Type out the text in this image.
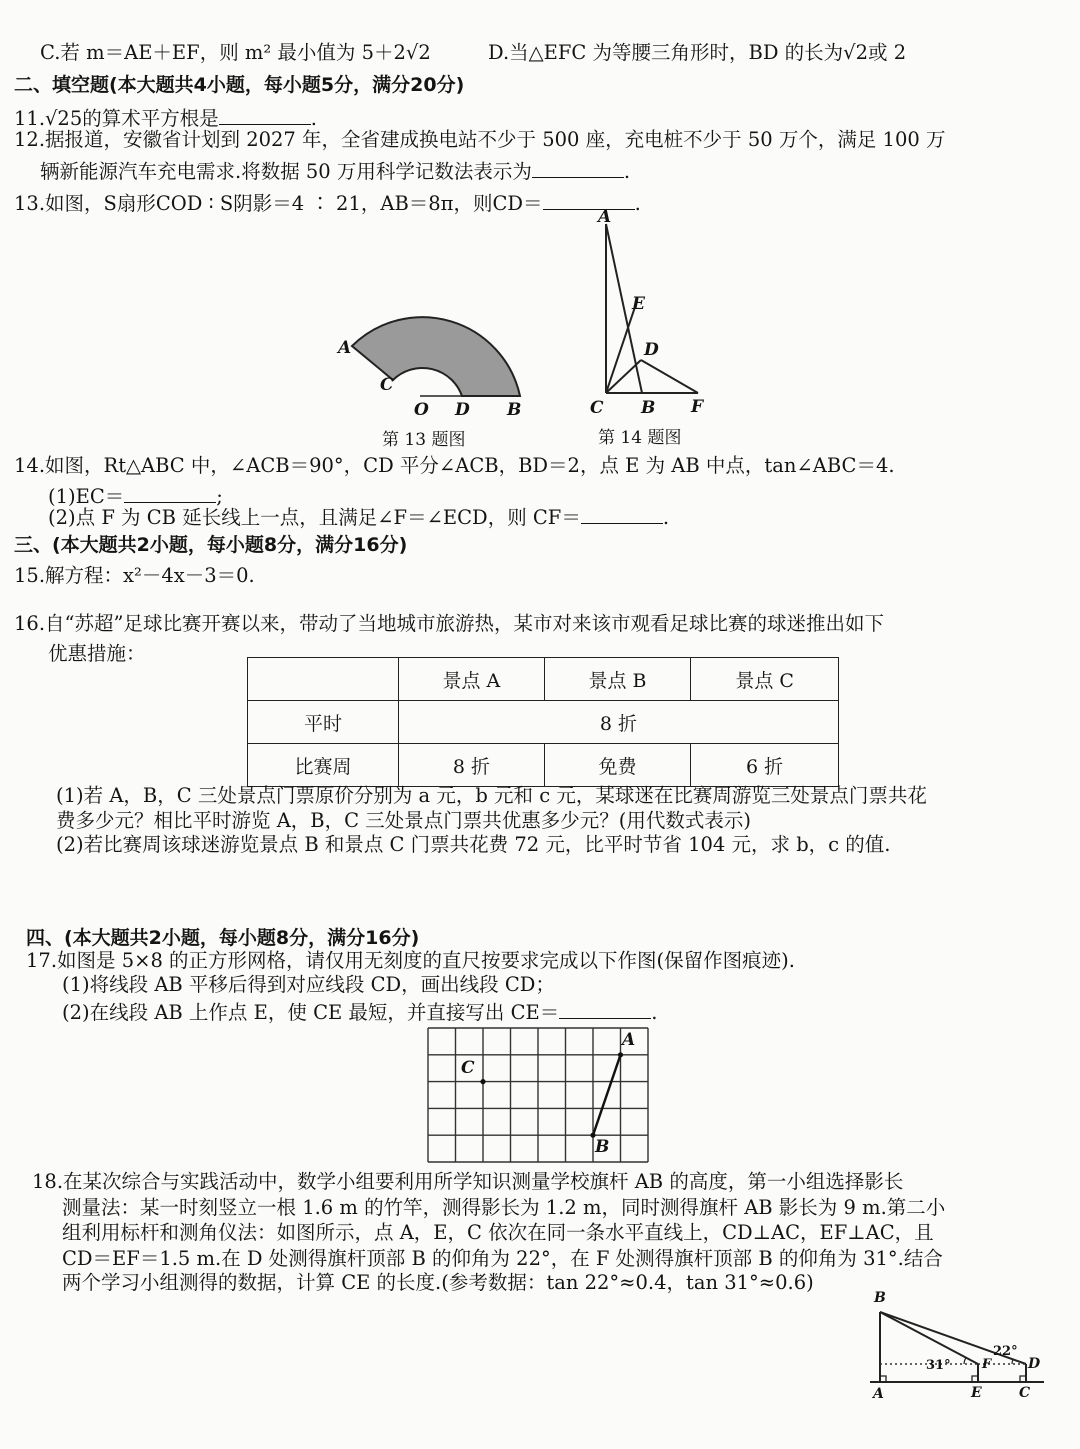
C.若 m＝AE＋EF，则 m² 最小值为 5＋2√2	D.当△EFC 为等腰三角形时，BD 的长为√2或 2
二、填空题(本大题共4小题，每小题5分，满分20分)
11.√25的算术平方根是	.
12.据报道，安徽省计划到 2027 年，全省建成换电站不少于 500 座，充电桩不少于 50 万个，满足 100 万
辆新能源汽车充电需求.将数据 50 万用科学记数法表示为	.
13.如图，S扇形COD ∶ S阴影＝4 ∶ 21，AB＝8π，则CD＝	.
A
C
O D B
第 13 题图
A
E
D
C B F
第 14 题图
14.如图，Rt△ABC 中，∠ACB＝90°，CD 平分∠ACB，BD＝2，点 E 为 AB 中点，tan∠ABC＝4.
(1)EC＝	;
(2)点 F 为 CB 延长线上一点，且满足∠F＝∠ECD，则 CF＝	.
三、(本大题共2小题，每小题8分，满分16分)
15.解方程：x²－4x－3＝0.
16.自“苏超”足球比赛开赛以来，带动了当地城市旅游热，某市对来该市观看足球比赛的球迷推出如下
优惠措施：
	景点 A	景点 B	景点 C
平时	8 折		
比赛周	8 折	免费	6 折
(1)若 A，B，C 三处景点门票原价分别为 a 元，b 元和 c 元，某球迷在比赛周游览三处景点门票共花
费多少元？相比平时游览 A，B，C 三处景点门票共优惠多少元？(用代数式表示)
(2)若比赛周该球迷游览景点 B 和景点 C 门票共花费 72 元，比平时节省 104 元，求 b，c 的值.
四、(本大题共2小题，每小题8分，满分16分)
17.如图是 5×8 的正方形网格，请仅用无刻度的直尺按要求完成以下作图(保留作图痕迹).
(1)将线段 AB 平移后得到对应线段 CD，画出线段 CD；
(2)在线段 AB 上作点 E，使 CE 最短，并直接写出 CE＝	.
A
B
C
18.在某次综合与实践活动中，数学小组要利用所学知识测量学校旗杆 AB 的高度，第一小组选择影长
测量法：某一时刻竖立一根 1.6 m 的竹竿，测得影长为 1.2 m，同时测得旗杆 AB 影长为 9 m.第二小
组利用标杆和测角仪法：如图所示，点 A，E，C 依次在同一条水平直线上，CD⊥AC，EF⊥AC，且
CD＝EF＝1.5 m.在 D 处测得旗杆顶部 B 的仰角为 22°，在 F 处测得旗杆顶部 B 的仰角为 31°.结合
两个学习小组测得的数据，计算 CE 的长度.(参考数据：tan 22°≈0.4，tan 31°≈0.6)
B
A	E	C
F	D
31°
22°
